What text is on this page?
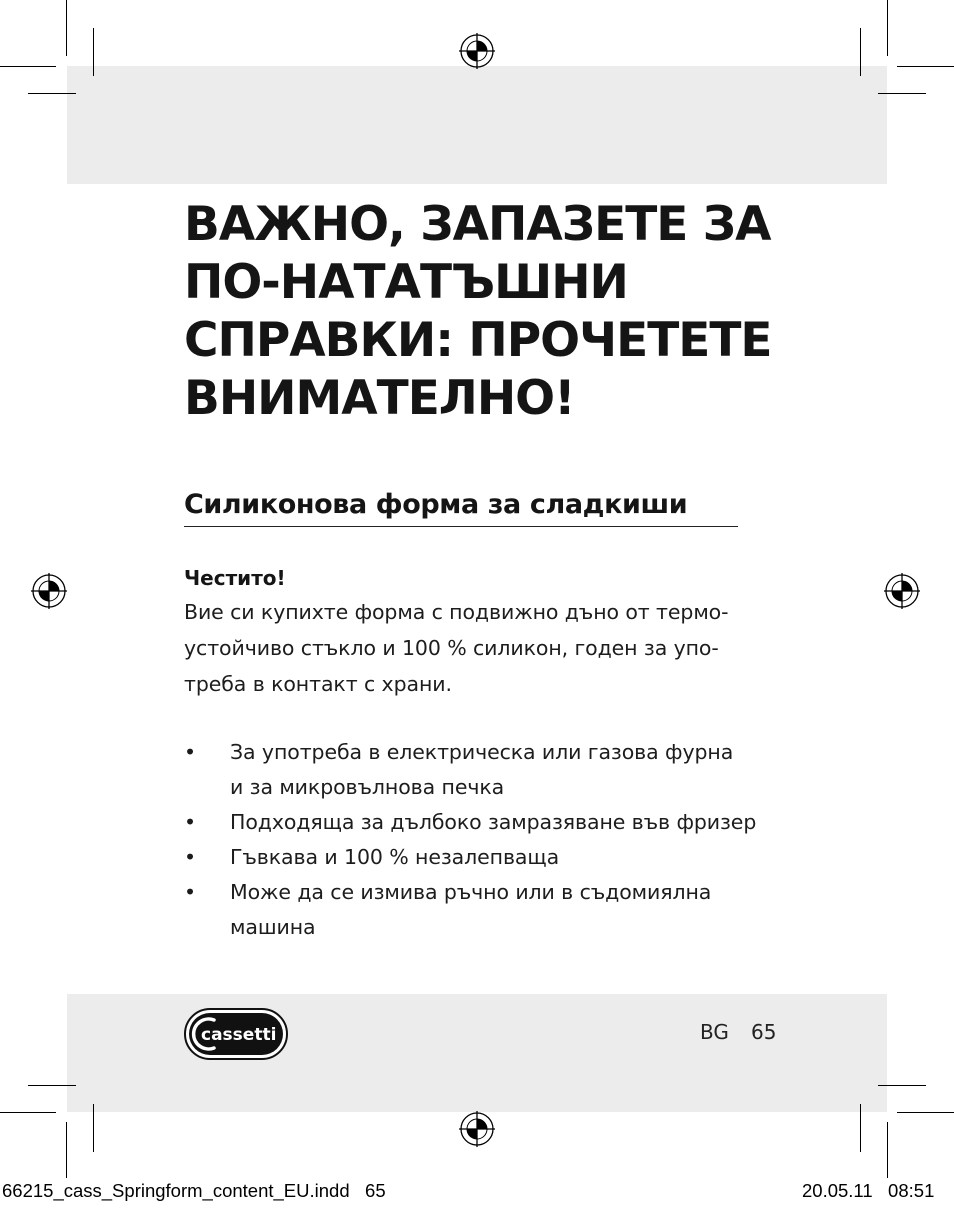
ВАЖНО, ЗАПАЗЕТЕ ЗА
ПО-НАТАТЪШНИ
СПРАВКИ: ПРОЧЕТЕТЕ
ВНИМАТЕЛНО!
Силиконова форма за сладкиши

Честито!

Вие си купихте форма с подвижно дъно от термо-
устойчиво стъкло и 100 % силикон, годен за упо-
треба в контакт с храни.
• За употреба в електрическа или газова фурна
и за микровълнова печка
• Подходяща за дълбоко замразяване във фризер
• Гъвкава и 100 % незалепваща
• Може да се измива ръчно или в съдомиялна
машина
cassetti	BG 65
66215_cass_Springform_content_EU.indd   65	20.05.11   08:51
